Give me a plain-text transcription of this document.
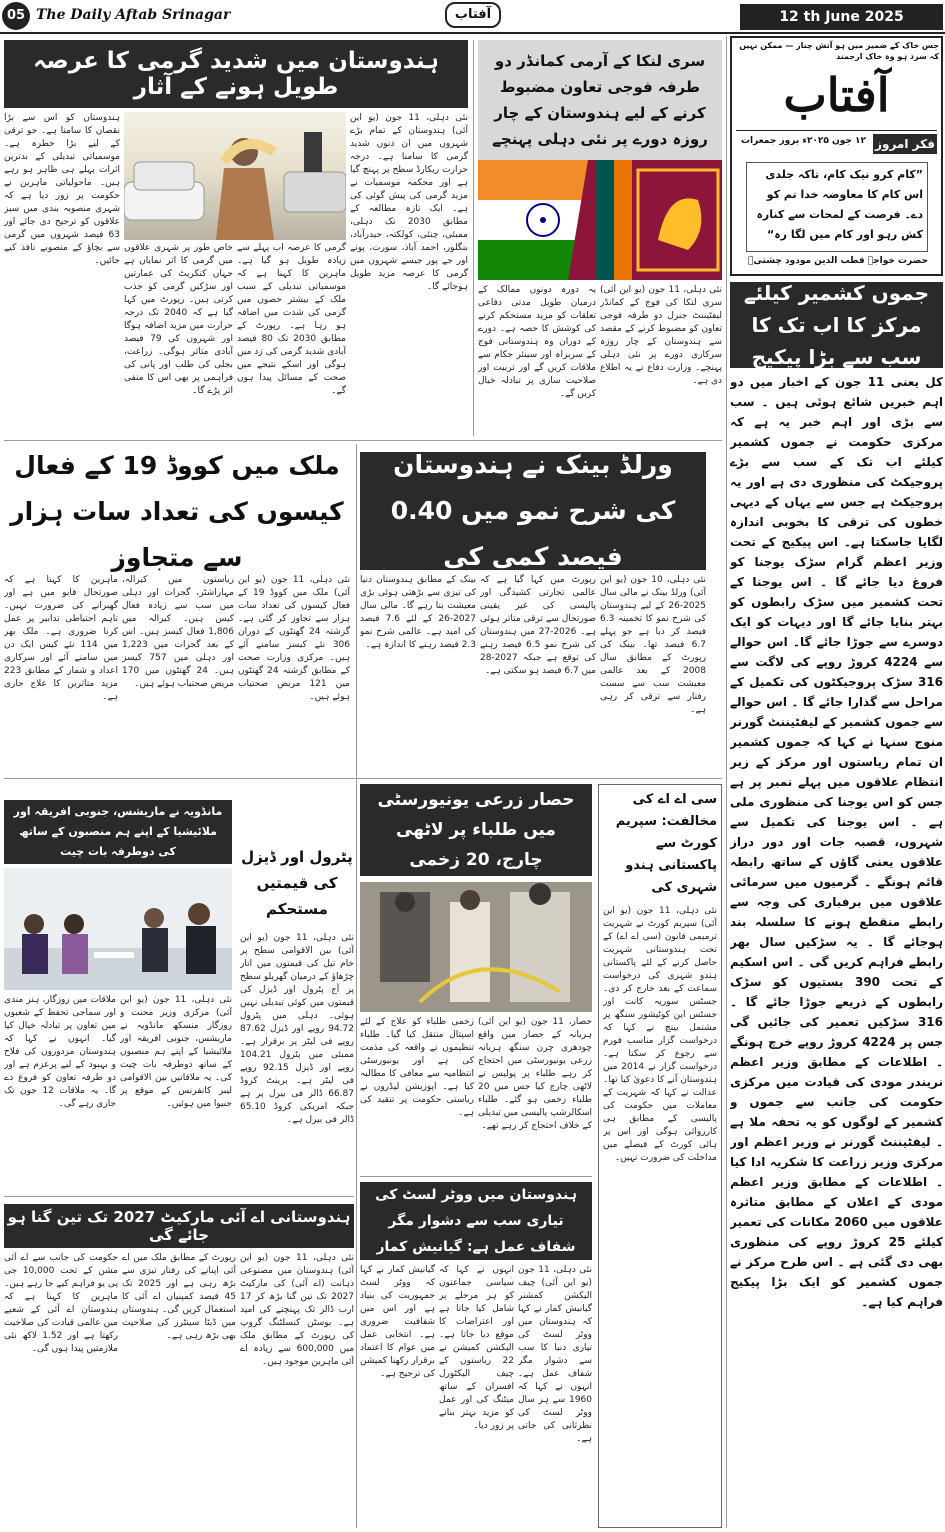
05 The Daily Aftab Srinagar	آفتاب	12 th June 2025
جس خاک کے ضمیر میں ہو آتش چنار — ممکن نہیں کہ سرد ہو وہ خاک ارجمند
آفتاب
فکر امروز
۱۲ جون ۲۰۲۵ء بروز جمعرات
”کام کرو نیک کام، تاکہ جلدی اس کام کا معاوضہ خدا تم کو دے۔ فرصت کے لمحات سے کنارہ کش رہو اور کام میں لگا رہ“
حضرت خواجہ قطب الدین مودود چشتیؒ
جموں کشمیر کیلئے مرکز کا اب تک کا سب سے بڑا پیکیج
کل یعنی 11 جون کے اخبار میں دو اہم خبریں شائع ہوئی ہیں ۔ سب سے بڑی اور اہم خبر یہ ہے کہ مرکزی حکومت نے جموں کشمیر کیلئے اب تک کے سب سے بڑے پروجیکٹ کی منظوری دی ہے اور یہ پروجیکٹ ہے جس سے یہاں کے دیہی خطوں کی ترقی کا بخوبی اندازہ لگایا جاسکتا ہے۔ اس پیکیج کے تحت وزیر اعظم گرام سڑک یوجنا کو فروغ دیا جائے گا ۔ اس یوجنا کے تحت کشمیر میں سڑک رابطوں کو بہتر بنایا جائے گا اور دیہات کو ایک دوسرے سے جوڑا جائے گا۔ اس حوالے سے 4224 کروڑ روپے کی لاگت سے 316 سڑک پروجیکٹوں کی تکمیل کے مراحل سے گذارا جائے گا ۔ اس حوالے سے جموں کشمیر کے لیفٹیننٹ گورنر منوج سنہا نے کہا کہ جموں کشمیر ان تمام ریاستوں اور مرکز کے زیر انتظام علاقوں میں پہلے نمبر پر ہے جس کو اس یوجنا کی منظوری ملی ہے ۔ اس یوجنا کی تکمیل سے شہروں، قصبہ جات اور دور دراز علاقوں یعنی گاؤں کے ساتھ رابطہ قائم ہونگے ۔ گرمیوں میں سرمائی علاقوں میں برفباری کی وجہ سے رابطے منقطع ہونے کا سلسلہ بند ہوجائے گا ۔ یہ سڑکیں سال بھر رابطے فراہم کریں گی ۔ اس اسکیم کے تحت 390 بستیوں کو سڑک رابطوں کے ذریعے جوڑا جائے گا ۔ 316 سڑکیں تعمیر کی جائیں گی جس پر 4224 کروڑ روپے خرچ ہونگے ۔ اطلاعات کے مطابق وزیر اعظم نریندر مودی کی قیادت میں مرکزی حکومت کی جانب سے جموں و کشمیر کے لوگوں کو یہ تحفہ ملا ہے ۔ لیفٹیننٹ گورنر نے وزیر اعظم اور مرکزی وزیر زراعت کا شکریہ ادا کیا ۔ اطلاعات کے مطابق وزیر اعظم مودی کے اعلان کے مطابق متاثرہ علاقوں میں 2060 مکانات کی تعمیر کیلئے 25 کروڑ روپے کی منظوری بھی دی گئی ہے ۔ اس طرح مرکز نے جموں کشمیر کو ایک بڑا پیکیج فراہم کیا ہے۔
ہندوستان میں شدید گرمی کا عرصہ طویل ہونے کے آثار
نئی دہلی، 11 جون (یو این آئی) ہندوستان کے تمام بڑے شہروں میں ان دنوں شدید گرمی کا سامنا ہے۔ درجہ حرارت ریکارڈ سطح پر پہنچ گیا ہے اور محکمہ موسمیات نے مزید گرمی کی پیش گوئی کی ہے۔ ایک تازہ مطالعہ کے مطابق 2030 تک دہلی، ممبئی، چنئی، کولکتہ، حیدرآباد، بنگلور، احمد آباد، سورت، پونے اور جے پور جیسے شہروں میں گرمی کا عرصہ مزید طویل ہوجائے گا۔
گرمی کا عرصہ اب پہلے سے زیادہ طویل ہو گیا ہے۔ ماہرین کا کہنا ہے کہ موسمیاتی تبدیلی کے سبب ملک کے بیشتر حصوں میں گرمی کی شدت میں اضافہ ہو رہا ہے۔ رپورٹ کے مطابق 2030 تک 80 فیصد آبادی شدید گرمی کی زد میں ہوگی اور اسکے نتیجے میں صحت کے مسائل پیدا ہوں گے۔
خاص طور پر شہری علاقوں میں گرمی کا اثر نمایاں ہے جہاں کنکریٹ کی عمارتیں اور سڑکیں گرمی کو جذب کرتی ہیں۔ رپورٹ میں کہا گیا ہے کہ 2040 تک درجہ حرارت میں مزید اضافہ ہوگا اور شہروں کی 79 فیصد آبادی متاثر ہوگی۔ زراعت، بجلی کی طلب اور پانی کی فراہمی پر بھی اس کا منفی اثر پڑے گا۔
ہندوستان کو اس سے بڑا نقصان کا سامنا ہے۔ جو ترقی کے لیے بڑا خطرہ ہے۔ موسمیاتی تبدیلی کے بدترین اثرات پہلے ہی ظاہر ہو رہے ہیں۔ ماحولیاتی ماہرین نے حکومت پر زور دیا ہے کہ شہری منصوبہ بندی میں سبز علاقوں کو ترجیح دی جائے اور 63 فیصد شہروں میں گرمی سے بچاؤ کے منصوبے نافذ کیے جائیں۔
سری لنکا کے آرمی کمانڈر دو طرفہ فوجی تعاون مضبوط کرنے کے لیے ہندوستان کے چار روزہ دورے پر نئی دہلی پہنچے
نئی دہلی، 11 جون (یو این آئی) سری لنکا کی فوج کے کمانڈر لیفٹیننٹ جنرل دو طرفہ فوجی تعاون کو مضبوط کرنے کے مقصد سے ہندوستان کے چار روزہ سرکاری دورے پر نئی دہلی پہنچے۔ وزارت دفاع نے یہ اطلاع دی ہے۔
یہ دورہ دونوں ممالک کے درمیان طویل مدتی دفاعی تعلقات کو مزید مستحکم کرنے کی کوشش کا حصہ ہے۔ دورے کے دوران وہ ہندوستانی فوج کے سربراہ اور سینئر حکام سے ملاقات کریں گے اور تربیت اور صلاحیت سازی پر تبادلہ خیال کریں گے۔
ملک میں کووڈ 19 کے فعال کیسوں کی تعداد سات ہزار سے متجاوز
نئی دہلی، 11 جون (یو این آئی) ملک میں کووڈ 19 کے فعال کیسوں کی تعداد سات ہزار سے تجاوز کر گئی ہے۔ گزشتہ 24 گھنٹوں کے دوران 306 نئے کیسز سامنے آئے ہیں۔ مرکزی وزارت صحت کے مطابق گزشتہ 24 گھنٹوں میں 121 مریض صحتیاب ہوئے ہیں۔
ریاستوں میں کیرالہ، مہاراشٹر، گجرات اور دہلی میں سب سے زیادہ فعال کیس ہیں۔ کیرالہ میں 1,806 فعال کیسز ہیں۔ اس کے بعد گجرات میں 1,223 اور دہلی میں 757 کیسز ہیں۔ 24 گھنٹوں میں 170 مریض صحتیاب ہوئے ہیں۔
ماہرین کا کہنا ہے کہ صورتحال قابو میں ہے اور گھبرانے کی ضرورت نہیں۔ تاہم احتیاطی تدابیر پر عمل کرنا ضروری ہے۔ ملک بھر میں 114 نئے کیس ایک دن میں سامنے آئے اور سرکاری اعداد و شمار کے مطابق 223 مزید متاثرین کا علاج جاری ہے۔
ورلڈ بینک نے ہندوستان کی شرح نمو میں 0.40 فیصد کمی کی
نئی دہلی، 10 جون (یو این آئی) ورلڈ بینک نے مالی سال 2025-26 کے لیے ہندوستان کی شرح نمو کا تخمینہ 6.3 فیصد کر دیا ہے جو پہلے 6.7 فیصد تھا۔ بینک کی رپورٹ کے مطابق سال 2008 کے بعد عالمی معیشت سب سے سست رفتار سے ترقی کر رہی ہے۔
رپورٹ میں کہا گیا ہے کہ عالمی تجارتی کشیدگی اور پالیسی کی غیر یقینی صورتحال سے ترقی متاثر ہوئی ہے۔ 2026-27 میں ہندوستان کی شرح نمو 6.5 فیصد رہنے کی توقع ہے جبکہ 2027-28 میں 6.7 فیصد ہو سکتی ہے۔
بینک کے مطابق ہندوستان دنیا کی تیزی سے بڑھتی ہوئی بڑی معیشت بنا رہے گا۔ مالی سال 2027-26 کے لئے 7.6 فیصد کی امید ہے۔ عالمی شرح نمو 2.3 فیصد رہنے کا اندازہ ہے۔
سی اے اے کی مخالفت: سپریم کورٹ سے پاکستانی ہندو شہری کی
نئی دہلی، 11 جون (یو این آئی) سپریم کورٹ نے شہریت ترمیمی قانون (سی اے اے) کے تحت ہندوستانی شہریت حاصل کرنے کے لئے پاکستانی ہندو شہری کی درخواست سماعت کے بعد خارج کر دی۔ جسٹس سوریہ کانت اور جسٹس این کوٹیشور سنگھ پر مشتمل بینچ نے کہا کہ درخواست گزار مناسب فورم سے رجوع کر سکتا ہے۔ درخواست گزار نے 2014 میں ہندوستان آنے کا دعویٰ کیا تھا۔ عدالت نے کہا کہ شہریت کے معاملات میں حکومت کی پالیسی کے مطابق ہی کارروائی ہوگی اور اس پر ہائی کورٹ کے فیصلے میں مداخلت کی ضرورت نہیں۔
حصار زرعی یونیورسٹی میں طلباء پر لاٹھی چارج، 20 زخمی
حصار، 11 جون (یو این آئی) ہریانہ کے حصار میں واقع چودھری چرن سنگھ ہریانہ زرعی یونیورسٹی میں احتجاج کر رہے طلباء پر پولیس نے لاٹھی چارج کیا جس میں 20 طلباء زخمی ہو گئے۔ طلباء اسکالرشپ پالیسی میں تبدیلی کے خلاف احتجاج کر رہے تھے۔
زخمی طلباء کو علاج کے لئے اسپتال منتقل کیا گیا۔ طلباء تنظیموں نے واقعہ کی مذمت کی ہے اور یونیورسٹی انتظامیہ سے معافی کا مطالبہ کیا ہے۔ اپوزیشن لیڈروں نے ریاستی حکومت پر تنقید کی ہے۔
مانڈویہ نے ماریشس، جنوبی افریقہ اور ملائیشیا کے اپنے ہم منصبوں کے ساتھ کی دوطرفہ بات چیت
نئی دہلی، 11 جون (یو این آئی) مرکزی وزیر محنت و روزگار منسکھ مانڈویہ نے ماریشس، جنوبی افریقہ اور ملائیشیا کے اپنے ہم منصبوں کے ساتھ دوطرفہ بات چیت کی۔ یہ ملاقاتیں بین الاقوامی لیبر کانفرنس کے موقع پر جنیوا میں ہوئیں۔
ملاقات میں روزگار، ہنر مندی اور سماجی تحفظ کے شعبوں میں تعاون پر تبادلہ خیال کیا گیا۔ انہوں نے کہا کہ ہندوستان مزدوروں کی فلاح و بہبود کے لیے پرعزم ہے اور دو طرفہ تعاون کو فروغ دے گا۔ یہ ملاقات 12 جون تک جاری رہے گی۔
پٹرول اور ڈیزل کی قیمتیں مستحکم
نئی دہلی، 11 جون (یو این آئی) بین الاقوامی سطح پر خام تیل کی قیمتوں میں اتار چڑھاؤ کے درمیان گھریلو سطح پر آج پٹرول اور ڈیزل کی قیمتوں میں کوئی تبدیلی نہیں ہوئی۔ دہلی میں پٹرول 94.72 روپے اور ڈیزل 87.62 روپے فی لیٹر پر برقرار ہے۔ ممبئی میں پٹرول 104.21 روپے اور ڈیزل 92.15 روپے فی لیٹر ہے۔ برینٹ کروڈ 66.87 ڈالر فی بیرل پر ہے جبکہ امریکی کروڈ 65.10 ڈالر فی بیرل ہے۔
ہندوستانی اے آئی مارکیٹ 2027 تک تین گنا ہو جائے گی
نئی دہلی، 11 جون (یو این آئی) ہندوستان میں مصنوعی ذہانت (اے آئی) کی مارکیٹ 2027 تک تین گنا بڑھ کر 17 ارب ڈالر تک پہنچنے کی امید ہے۔ بوسٹن کنسلٹنگ گروپ کی رپورٹ کے مطابق ملک میں 600,000 سے زیادہ اے آئی ماہرین موجود ہیں۔
رپورٹ کے مطابق ملک میں اے آئی اپنانے کی رفتار تیزی سے بڑھ رہی ہے اور 2025 تک 45 فیصد کمپنیاں اے آئی کا استعمال کریں گی۔ ہندوستان میں ڈیٹا سینٹرز کی صلاحیت بھی بڑھ رہی ہے۔
حکومت کی جانب سے اے آئی مشن کے تحت 10,000 جی پی یو فراہم کیے جا رہے ہیں۔ ماہرین کا کہنا ہے کہ ہندوستان اے آئی کے شعبے میں عالمی قیادت کی صلاحیت رکھتا ہے اور 1.52 لاکھ نئی ملازمتیں پیدا ہوں گی۔
ہندوستان میں ووٹر لسٹ کی تیاری سب سے دشوار مگر شفاف عمل ہے: گیانیش کمار
نئی دہلی، 11 جون (یو این آئی) چیف الیکشن کمشنر گیانیش کمار نے کہا کہ ہندوستان میں ووٹر لسٹ کی تیاری دنیا کا سب سے دشوار مگر شفاف عمل ہے۔ انہوں نے کہا کہ 1960 سے ہر سال ووٹر لسٹ کی نظرثانی کی جاتی ہے۔
انہوں نے کہا کہ سیاسی جماعتوں کو ہر مرحلے پر شامل کیا جاتا ہے اور اعتراضات کا موقع دیا جاتا ہے۔ الیکشن کمیشن نے 22 ریاستوں کے چیف الیکٹورل افسران کے ساتھ میٹنگ کی اور عمل کو مزید بہتر بنانے پر زور دیا۔
گیانیش کمار نے کہا کہ ووٹر لسٹ جمہوریت کی بنیاد ہے اور اس میں شفافیت ضروری ہے۔ انتخابی عمل میں عوام کا اعتماد برقرار رکھنا کمیشن کی ترجیح ہے۔
